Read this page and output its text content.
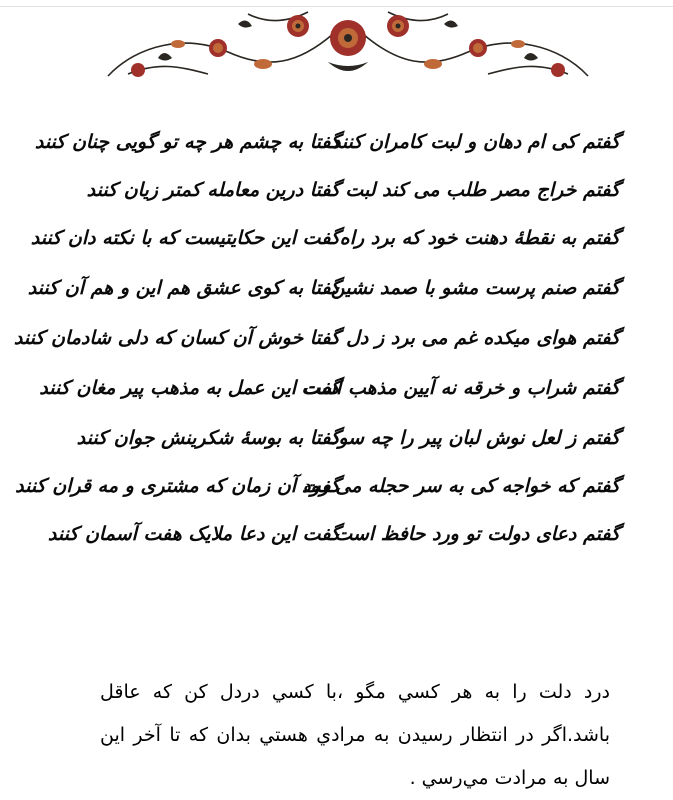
گفتم کی ام دهان و لبت کامران کنند
گفتا به چشم هر چه تو گویی چنان کنند
گفتم خراج مصر طلب می کند لبت
گفتا درین معامله کمتر زیان کنند
گفتم به نقطهٔ دهنت خود که برد راه
گفت این حکایتیست که با نکته دان کنند
گفتم صنم پرست مشو با صمد نشین
گفتا به کوی عشق هم این و هم آن کنند
گفتم هوای میکده غم می برد ز دل
گفتا خوش آن کسان که دلی شادمان کنند
گفتم شراب و خرقه نه آیین مذهب است
گفت این عمل به مذهب پیر مغان کنند
گفتم ز لعل نوش لبان پیر را چه سود
گفتا به بوسهٔ شکرینش جوان کنند
گفتم که خواجه کی به سر حجله می رود
گفت آن زمان که مشتری و مه قران کنند
گفتم دعای دولت تو ورد حافظ است
گفت این دعا ملایک هفت آسمان کنند

درد دلت را به هر کسي مگو ،با کسي دردل کن که عاقل باشد.اگر در انتظار رسيدن به مرادي هستي بدان که تا آخر اين سال به مرادت مي‌رسي .
